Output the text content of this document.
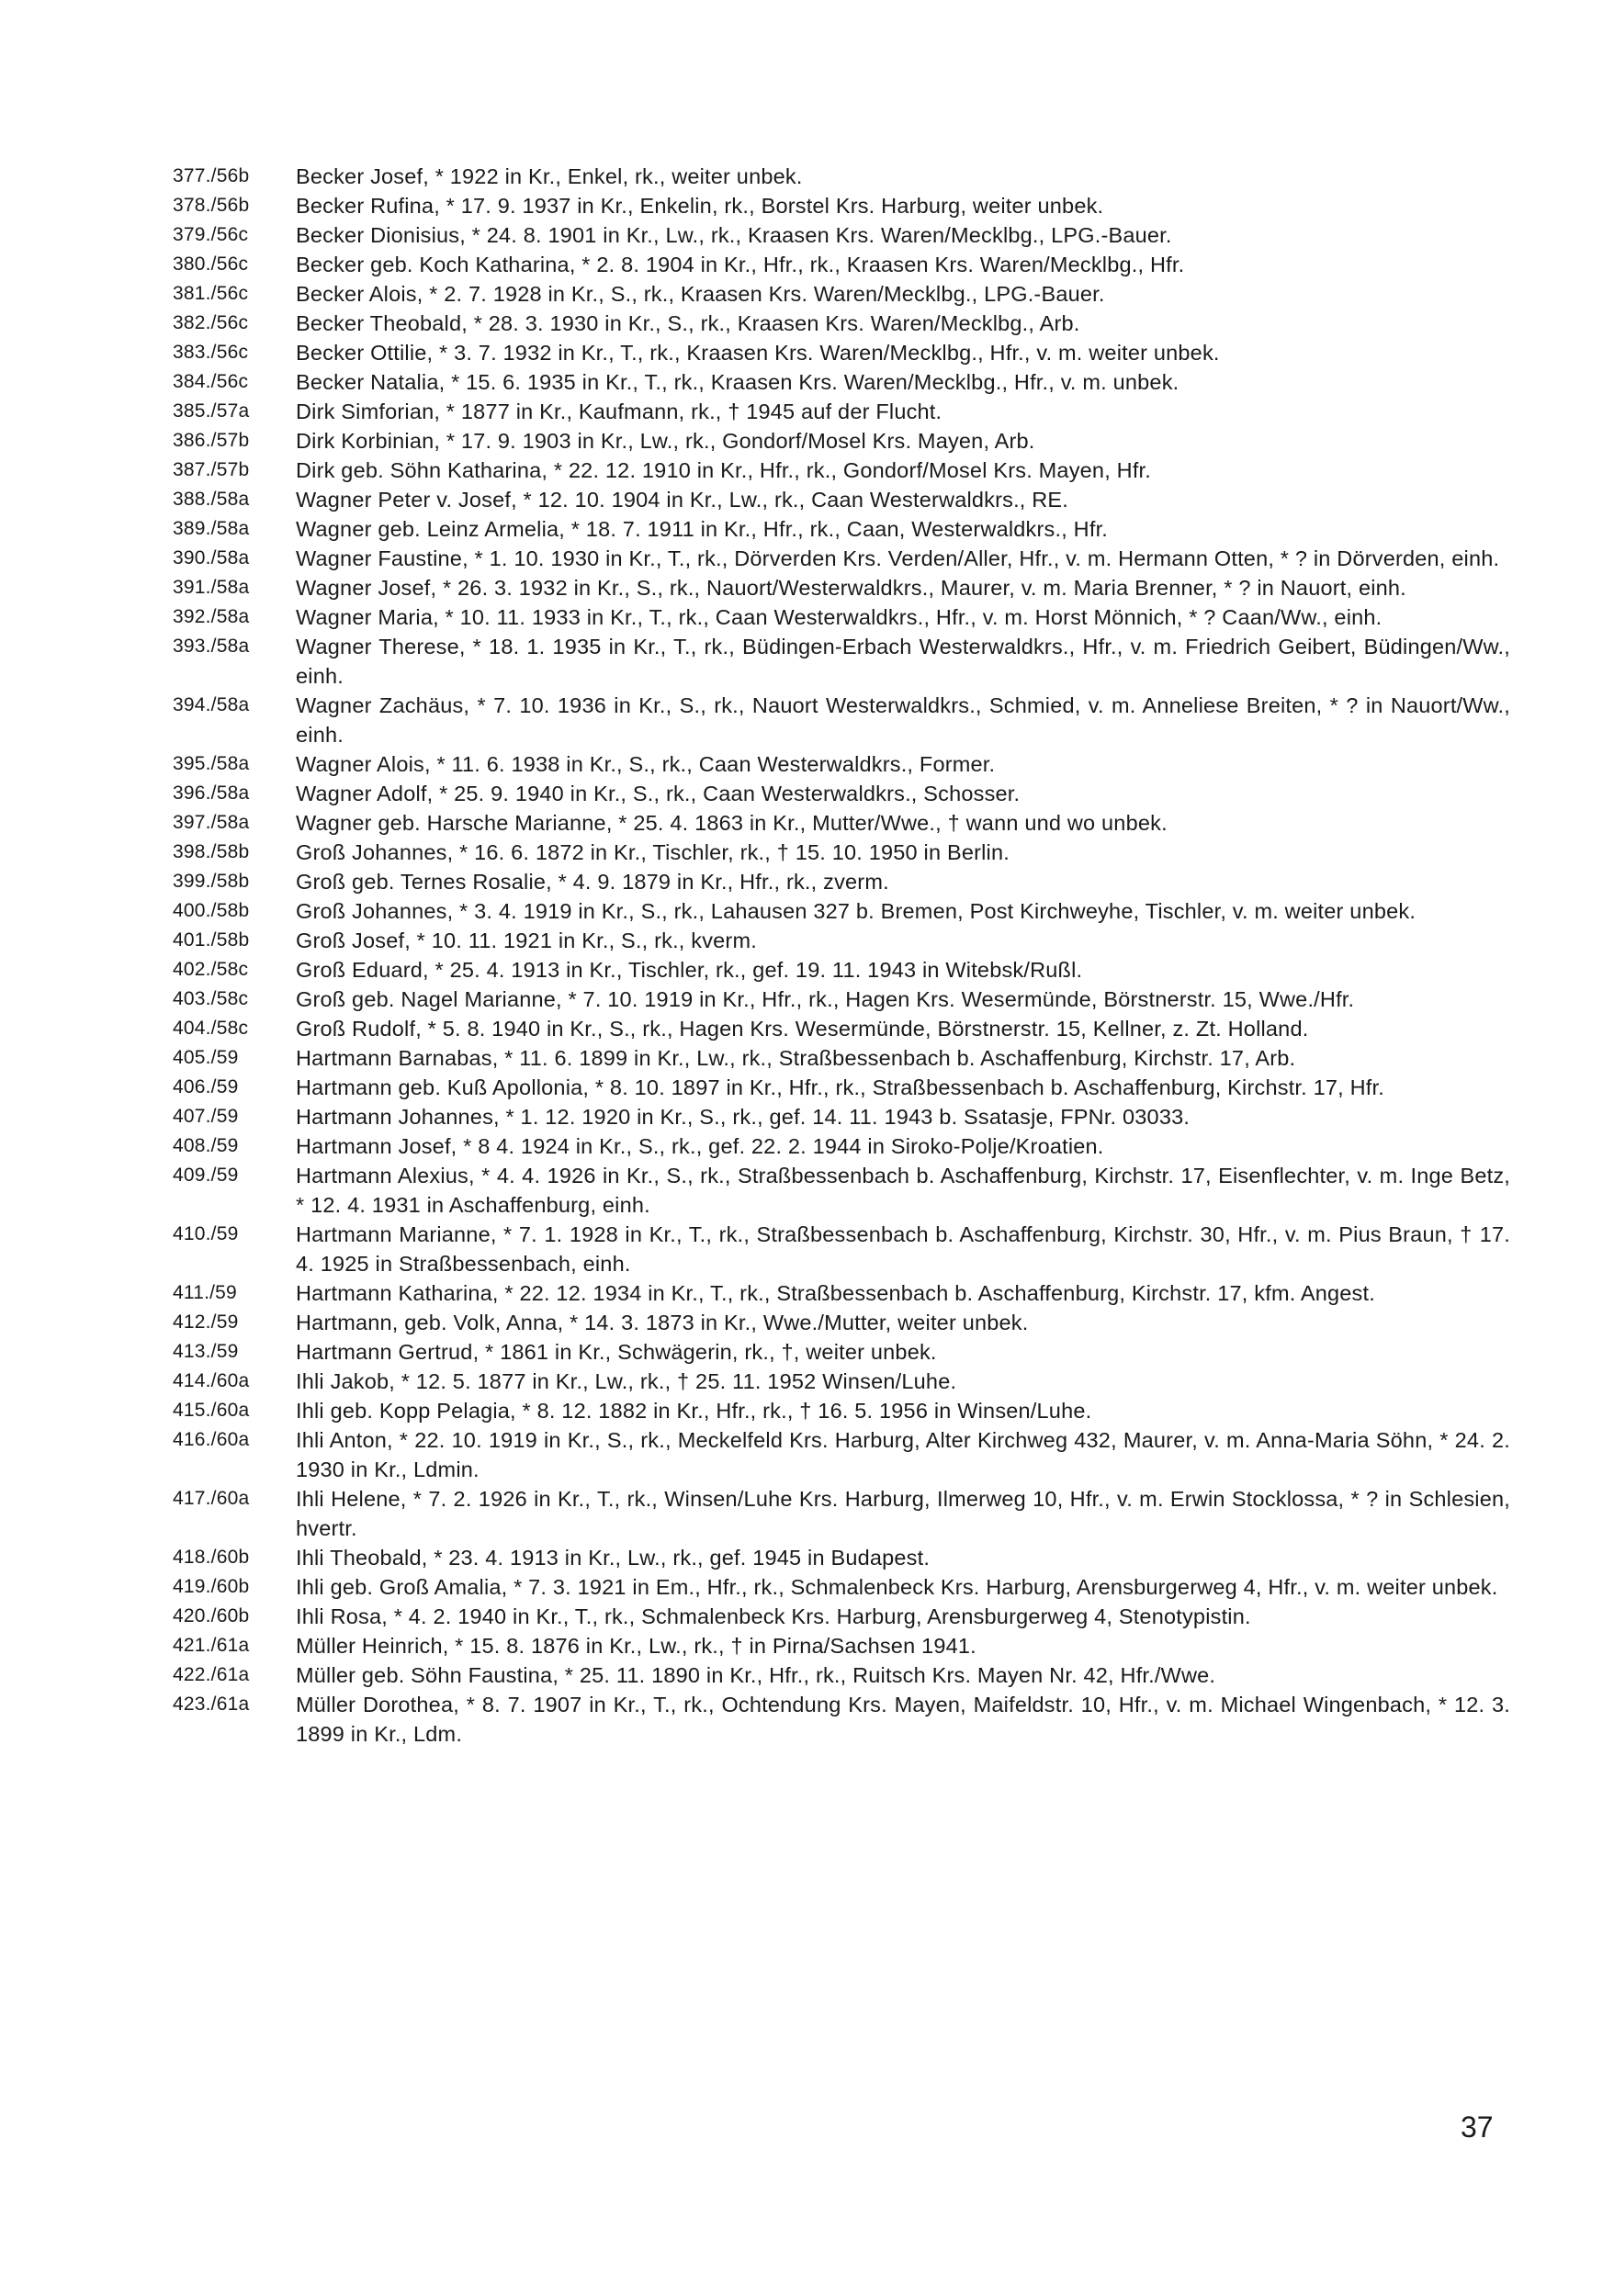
377./56b	Becker Josef, * 1922 in Kr., Enkel, rk., weiter unbek.
378./56b	Becker Rufina, * 17. 9. 1937 in Kr., Enkelin, rk., Borstel Krs. Harburg, weiter unbek.
379./56c	Becker Dionisius, * 24. 8. 1901 in Kr., Lw., rk., Kraasen Krs. Waren/Mecklbg., LPG.-Bauer.
380./56c	Becker geb. Koch Katharina, * 2. 8. 1904 in Kr., Hfr., rk., Kraasen Krs. Waren/Mecklbg., Hfr.
381./56c	Becker Alois, * 2. 7. 1928 in Kr., S., rk., Kraasen Krs. Waren/Mecklbg., LPG.-Bauer.
382./56c	Becker Theobald, * 28. 3. 1930 in Kr., S., rk., Kraasen Krs. Waren/Mecklbg., Arb.
383./56c	Becker Ottilie, * 3. 7. 1932 in Kr., T., rk., Kraasen Krs. Waren/Mecklbg., Hfr., v. m. weiter unbek.
384./56c	Becker Natalia, * 15. 6. 1935 in Kr., T., rk., Kraasen Krs. Waren/Mecklbg., Hfr., v. m. unbek.
385./57a	Dirk Simforian, * 1877 in Kr., Kaufmann, rk., † 1945 auf der Flucht.
386./57b	Dirk Korbinian, * 17. 9. 1903 in Kr., Lw., rk., Gondorf/Mosel Krs. Mayen, Arb.
387./57b	Dirk geb. Söhn Katharina, * 22. 12. 1910 in Kr., Hfr., rk., Gondorf/Mosel Krs. Mayen, Hfr.
388./58a	Wagner Peter v. Josef, * 12. 10. 1904 in Kr., Lw., rk., Caan Westerwaldkrs., RE.
389./58a	Wagner geb. Leinz Armelia, * 18. 7. 1911 in Kr., Hfr., rk., Caan, Westerwaldkrs., Hfr.
390./58a	Wagner Faustine, * 1. 10. 1930 in Kr., T., rk., Dörverden Krs. Verden/Aller, Hfr., v. m. Hermann Otten, * ? in Dörverden, einh.
391./58a	Wagner Josef, * 26. 3. 1932 in Kr., S., rk., Nauort/Westerwaldkrs., Maurer, v. m. Maria Brenner, * ? in Nauort, einh.
392./58a	Wagner Maria, * 10. 11. 1933 in Kr., T., rk., Caan Westerwaldkrs., Hfr., v. m. Horst Mönnich, * ? Caan/Ww., einh.
393./58a	Wagner Therese, * 18. 1. 1935 in Kr., T., rk., Büdingen-Erbach Westerwaldkrs., Hfr., v. m. Friedrich Geibert, Büdingen/Ww., einh.
394./58a	Wagner Zachäus, * 7. 10. 1936 in Kr., S., rk., Nauort Westerwaldkrs., Schmied, v. m. Anneliese Breiten, * ? in Nauort/Ww., einh.
395./58a	Wagner Alois, * 11. 6. 1938 in Kr., S., rk., Caan Westerwaldkrs., Former.
396./58a	Wagner Adolf, * 25. 9. 1940 in Kr., S., rk., Caan Westerwaldkrs., Schosser.
397./58a	Wagner geb. Harsche Marianne, * 25. 4. 1863 in Kr., Mutter/Wwe., † wann und wo unbek.
398./58b	Groß Johannes, * 16. 6. 1872 in Kr., Tischler, rk., † 15. 10. 1950 in Berlin.
399./58b	Groß geb. Ternes Rosalie, * 4. 9. 1879 in Kr., Hfr., rk., zverm.
400./58b	Groß Johannes, * 3. 4. 1919 in Kr., S., rk., Lahausen 327 b. Bremen, Post Kirchweyhe, Tischler, v. m. weiter unbek.
401./58b	Groß Josef, * 10. 11. 1921 in Kr., S., rk., kverm.
402./58c	Groß Eduard, * 25. 4. 1913 in Kr., Tischler, rk., gef. 19. 11. 1943 in Witebsk/Rußl.
403./58c	Groß geb. Nagel Marianne, * 7. 10. 1919 in Kr., Hfr., rk., Hagen Krs. Wesermünde, Börstnerstr. 15, Wwe./Hfr.
404./58c	Groß Rudolf, * 5. 8. 1940 in Kr., S., rk., Hagen Krs. Wesermünde, Börstnerstr. 15, Kellner, z. Zt. Holland.
405./59	Hartmann Barnabas, * 11. 6. 1899 in Kr., Lw., rk., Straßbessenbach b. Aschaffenburg, Kirchstr. 17, Arb.
406./59	Hartmann geb. Kuß Apollonia, * 8. 10. 1897 in Kr., Hfr., rk., Straßbessenbach b. Aschaffenburg, Kirchstr. 17, Hfr.
407./59	Hartmann Johannes, * 1. 12. 1920 in Kr., S., rk., gef. 14. 11. 1943 b. Ssatasje, FPNr. 03033.
408./59	Hartmann Josef, * 8 4. 1924 in Kr., S., rk., gef. 22. 2. 1944 in Siroko-Polje/Kroatien.
409./59	Hartmann Alexius, * 4. 4. 1926 in Kr., S., rk., Straßbessenbach b. Aschaffenburg, Kirchstr. 17, Eisenflechter, v. m. Inge Betz, * 12. 4. 1931 in Aschaffenburg, einh.
410./59	Hartmann Marianne, * 7. 1. 1928 in Kr., T., rk., Straßbessenbach b. Aschaffenburg, Kirchstr. 30, Hfr., v. m. Pius Braun, † 17. 4. 1925 in Straßbessenbach, einh.
411./59	Hartmann Katharina, * 22. 12. 1934 in Kr., T., rk., Straßbessenbach b. Aschaffenburg, Kirchstr. 17, kfm. Angest.
412./59	Hartmann, geb. Volk, Anna, * 14. 3. 1873 in Kr., Wwe./Mutter, weiter unbek.
413./59	Hartmann Gertrud, * 1861 in Kr., Schwägerin, rk., †, weiter unbek.
414./60a	Ihli Jakob, * 12. 5. 1877 in Kr., Lw., rk., † 25. 11. 1952 Winsen/Luhe.
415./60a	Ihli geb. Kopp Pelagia, * 8. 12. 1882 in Kr., Hfr., rk., † 16. 5. 1956 in Winsen/Luhe.
416./60a	Ihli Anton, * 22. 10. 1919 in Kr., S., rk., Meckelfeld Krs. Harburg, Alter Kirchweg 432, Maurer, v. m. Anna-Maria Söhn, * 24. 2. 1930 in Kr., Ldmin.
417./60a	Ihli Helene, * 7. 2. 1926 in Kr., T., rk., Winsen/Luhe Krs. Harburg, Ilmerweg 10, Hfr., v. m. Erwin Stocklossa, * ? in Schlesien, hvertr.
418./60b	Ihli Theobald, * 23. 4. 1913 in Kr., Lw., rk., gef. 1945 in Budapest.
419./60b	Ihli geb. Groß Amalia, * 7. 3. 1921 in Em., Hfr., rk., Schmalenbeck Krs. Harburg, Arensburgerweg 4, Hfr., v. m. weiter unbek.
420./60b	Ihli Rosa, * 4. 2. 1940 in Kr., T., rk., Schmalenbeck Krs. Harburg, Arensburgerweg 4, Stenotypistin.
421./61a	Müller Heinrich, * 15. 8. 1876 in Kr., Lw., rk., † in Pirna/Sachsen 1941.
422./61a	Müller geb. Söhn Faustina, * 25. 11. 1890 in Kr., Hfr., rk., Ruitsch Krs. Mayen Nr. 42, Hfr./Wwe.
423./61a	Müller Dorothea, * 8. 7. 1907 in Kr., T., rk., Ochtendung Krs. Mayen, Maifeldstr. 10, Hfr., v. m. Michael Wingenbach, * 12. 3. 1899 in Kr., Ldm.
37
